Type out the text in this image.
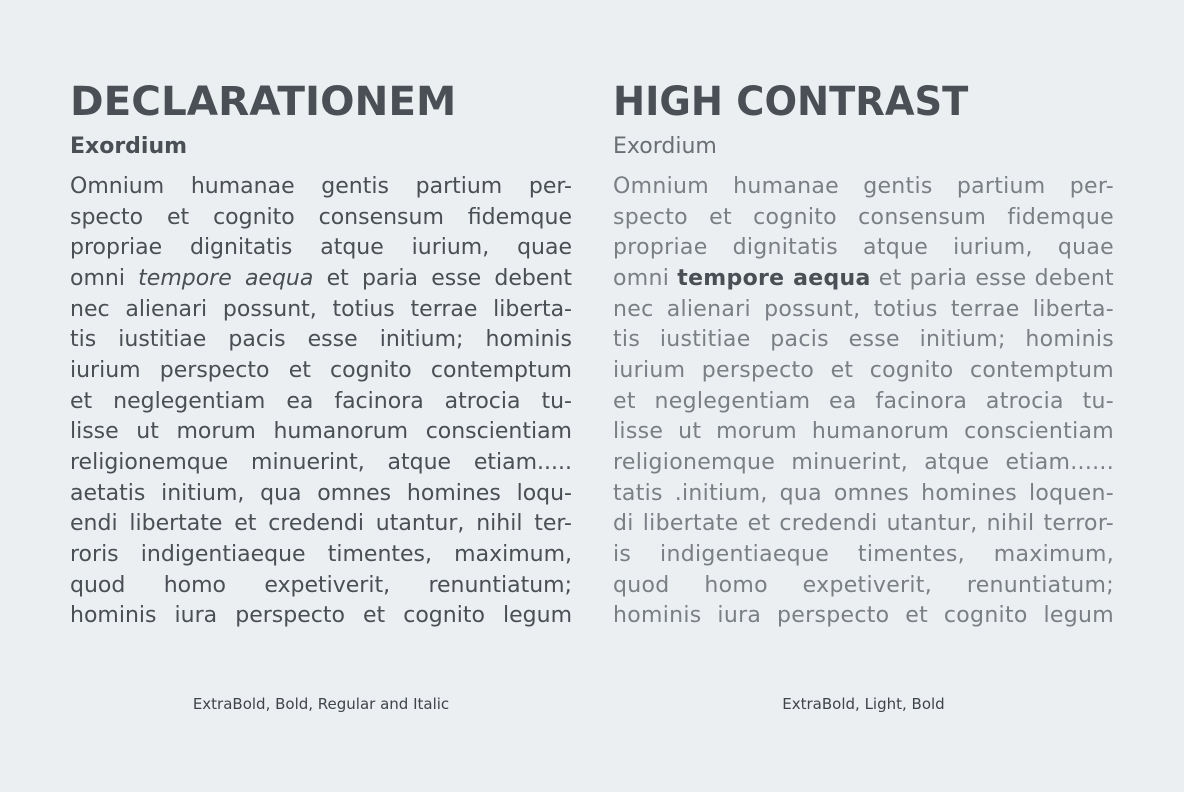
DECLARATIONEM
Exordium
Omnium humanae gentis partium per-
specto et cognito consensum fidemque
propriae dignitatis atque iurium, quae
omni tempore aequa et paria esse debent
nec alienari possunt, totius terrae liberta-
tis iustitiae pacis esse initium; hominis
iurium perspecto et cognito contemptum
et neglegentiam ea facinora atrocia tu-
lisse ut morum humanorum conscientiam
religionemque minuerint, atque etiam.....
aetatis initium, qua omnes homines loqu-
endi libertate et credendi utantur, nihil ter-
roris indigentiaeque timentes, maximum,
quod homo expetiverit, renuntiatum;
hominis iura perspecto et cognito legum
HIGH CONTRAST
Exordium
Omnium humanae gentis partium per-
specto et cognito consensum fidemque
propriae dignitatis atque iurium, quae
omni tempore aequa et paria esse debent
nec alienari possunt, totius terrae liberta-
tis iustitiae pacis esse initium; hominis
iurium perspecto et cognito contemptum
et neglegentiam ea facinora atrocia tu-
lisse ut morum humanorum conscientiam
religionemque minuerint, atque etiam......
tatis .initium, qua omnes homines loquen-
di libertate et credendi utantur, nihil terror-
is indigentiaeque timentes, maximum,
quod homo expetiverit, renuntiatum;
hominis iura perspecto et cognito legum

ExtraBold, Bold, Regular and Italic	ExtraBold, Light, Bold
